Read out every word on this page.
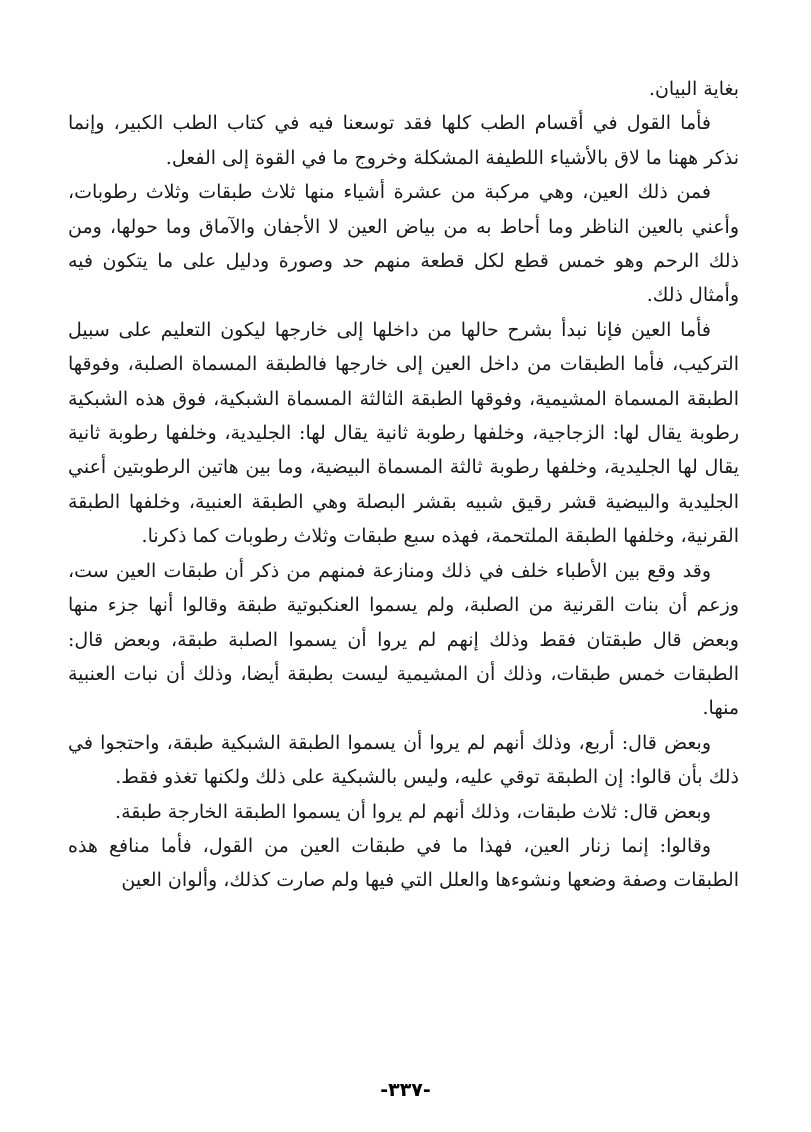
بغاية البيان.

فأما القول في أقسام الطب كلها فقد توسعنا فيه في كتاب الطب الكبير، وإنما نذكر ههنا ما لاق بالأشياء اللطيفة المشكلة وخروج ما في القوة إلى الفعل.

فمن ذلك العين، وهي مركبة من عشرة أشياء منها ثلاث طبقات وثلاث رطوبات، وأعني بالعين الناظر وما أحاط به من بياض العين لا الأجفان والآماق وما حولها، ومن ذلك الرحم وهو خمس قطع لكل قطعة منهم حد وصورة ودليل على ما يتكون فيه وأمثال ذلك.

فأما العين فإنا نبدأ بشرح حالها من داخلها إلى خارجها ليكون التعليم على سبيل التركيب، فأما الطبقات من داخل العين إلى خارجها فالطبقة المسماة الصلبة، وفوقها الطبقة المسماة المشيمية، وفوقها الطبقة الثالثة المسماة الشبكية، فوق هذه الشبكية رطوبة يقال لها: الزجاجية، وخلفها رطوبة ثانية يقال لها: الجليدية، وخلفها رطوبة ثانية يقال لها الجليدية، وخلفها رطوبة ثالثة المسماة البيضية، وما بين هاتين الرطوبتين أعني الجليدية والبيضية قشر رقيق شبيه بقشر البصلة وهي الطبقة العنبية، وخلفها الطبقة القرنية، وخلفها الطبقة الملتحمة، فهذه سبع طبقات وثلاث رطوبات كما ذكرنا.

وقد وقع بين الأطباء خلف في ذلك ومنازعة فمنهم من ذكر أن طبقات العين ست، وزعم أن بنات القرنية من الصلبة، ولم يسموا العنكبوتية طبقة وقالوا أنها جزء منها وبعض قال طبقتان فقط وذلك إنهم لم يروا أن يسموا الصلبة طبقة، وبعض قال: الطبقات خمس طبقات، وذلك أن المشيمية ليست بطبقة أيضا، وذلك أن نبات العنبية منها.

وبعض قال: أربع، وذلك أنهم لم يروا أن يسموا الطبقة الشبكية طبقة، واحتجوا في ذلك بأن قالوا: إن الطبقة توقي عليه، وليس بالشبكية على ذلك ولكنها تغذو فقط.

وبعض قال: ثلاث طبقات، وذلك أنهم لم يروا أن يسموا الطبقة الخارجة طبقة.

وقالوا: إنما زنار العين، فهذا ما في طبقات العين من القول، فأما منافع هذه الطبقات وصفة وضعها ونشوءها والعلل التي فيها ولم صارت كذلك، وألوان العين

-٣٣٧-
